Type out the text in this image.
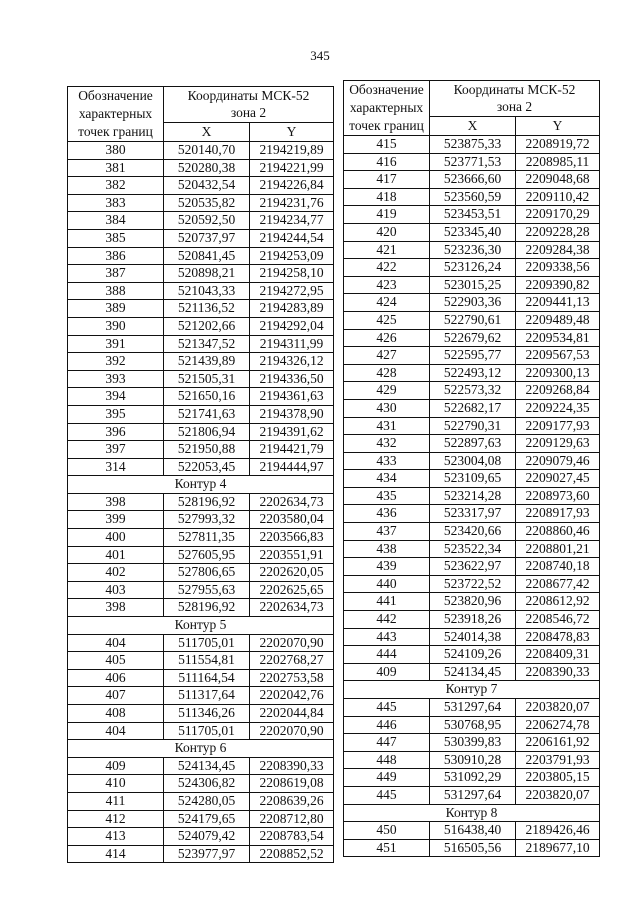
345
Обозначение
характерных
точек границ	Координаты МСК-52	
	зона 2	
	X	Y
380	520140,70	2194219,89
381	520280,38	2194221,99
382	520432,54	2194226,84
383	520535,82	2194231,76
384	520592,50	2194234,77
385	520737,97	2194244,54
386	520841,45	2194253,09
387	520898,21	2194258,10
388	521043,33	2194272,95
389	521136,52	2194283,89
390	521202,66	2194292,04
391	521347,52	2194311,99
392	521439,89	2194326,12
393	521505,31	2194336,50
394	521650,16	2194361,63
395	521741,63	2194378,90
396	521806,94	2194391,62
397	521950,88	2194421,79
314	522053,45	2194444,97
Контур 4		
398	528196,92	2202634,73
399	527993,32	2203580,04
400	527811,35	2203566,83
401	527605,95	2203551,91
402	527806,65	2202620,05
403	527955,63	2202625,65
398	528196,92	2202634,73
Контур 5		
404	511705,01	2202070,90
405	511554,81	2202768,27
406	511164,54	2202753,58
407	511317,64	2202042,76
408	511346,26	2202044,84
404	511705,01	2202070,90
Контур 6		
409	524134,45	2208390,33
410	524306,82	2208619,08
411	524280,05	2208639,26
412	524179,65	2208712,80
413	524079,42	2208783,54
414	523977,97	2208852,52
Обозначение
характерных
точек границ	Координаты МСК-52	
	зона 2	
	X	Y
415	523875,33	2208919,72
416	523771,53	2208985,11
417	523666,60	2209048,68
418	523560,59	2209110,42
419	523453,51	2209170,29
420	523345,40	2209228,28
421	523236,30	2209284,38
422	523126,24	2209338,56
423	523015,25	2209390,82
424	522903,36	2209441,13
425	522790,61	2209489,48
426	522679,62	2209534,81
427	522595,77	2209567,53
428	522493,12	2209300,13
429	522573,32	2209268,84
430	522682,17	2209224,35
431	522790,31	2209177,93
432	522897,63	2209129,63
433	523004,08	2209079,46
434	523109,65	2209027,45
435	523214,28	2208973,60
436	523317,97	2208917,93
437	523420,66	2208860,46
438	523522,34	2208801,21
439	523622,97	2208740,18
440	523722,52	2208677,42
441	523820,96	2208612,92
442	523918,26	2208546,72
443	524014,38	2208478,83
444	524109,26	2208409,31
409	524134,45	2208390,33
Контур 7		
445	531297,64	2203820,07
446	530768,95	2206274,78
447	530399,83	2206161,92
448	530910,28	2203791,93
449	531092,29	2203805,15
445	531297,64	2203820,07
Контур 8		
450	516438,40	2189426,46
451	516505,56	2189677,10
